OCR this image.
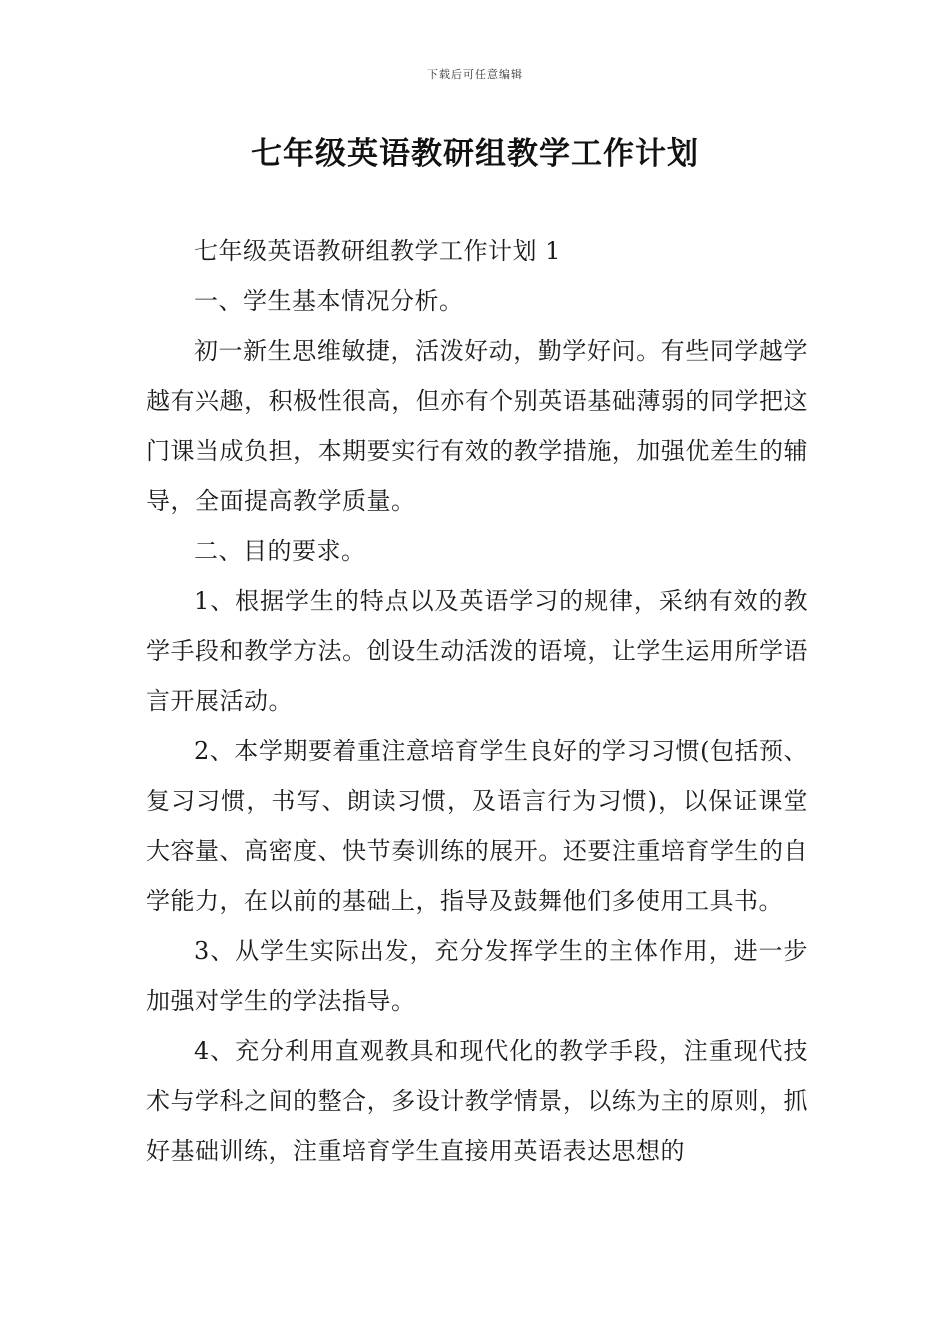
下载后可任意编辑
七年级英语教研组教学工作计划

七年级英语教研组教学工作计划 1

一、学生基本情况分析。

初一新生思维敏捷，活泼好动，勤学好问。有些同学越学越有兴趣，积极性很高，但亦有个别英语基础薄弱的同学把这门课当成负担，本期要实行有效的教学措施，加强优差生的辅导，全面提高教学质量。

二、目的要求。

1、根据学生的特点以及英语学习的规律，采纳有效的教学手段和教学方法。创设生动活泼的语境，让学生运用所学语言开展活动。

2、本学期要着重注意培育学生良好的学习习惯(包括预、复习习惯，书写、朗读习惯，及语言行为习惯)，以保证课堂大容量、高密度、快节奏训练的展开。还要注重培育学生的自学能力，在以前的基础上，指导及鼓舞他们多使用工具书。

3、从学生实际出发，充分发挥学生的主体作用，进一步加强对学生的学法指导。

4、充分利用直观教具和现代化的教学手段，注重现代技术与学科之间的整合，多设计教学情景，以练为主的原则，抓好基础训练，注重培育学生直接用英语表达思想的
